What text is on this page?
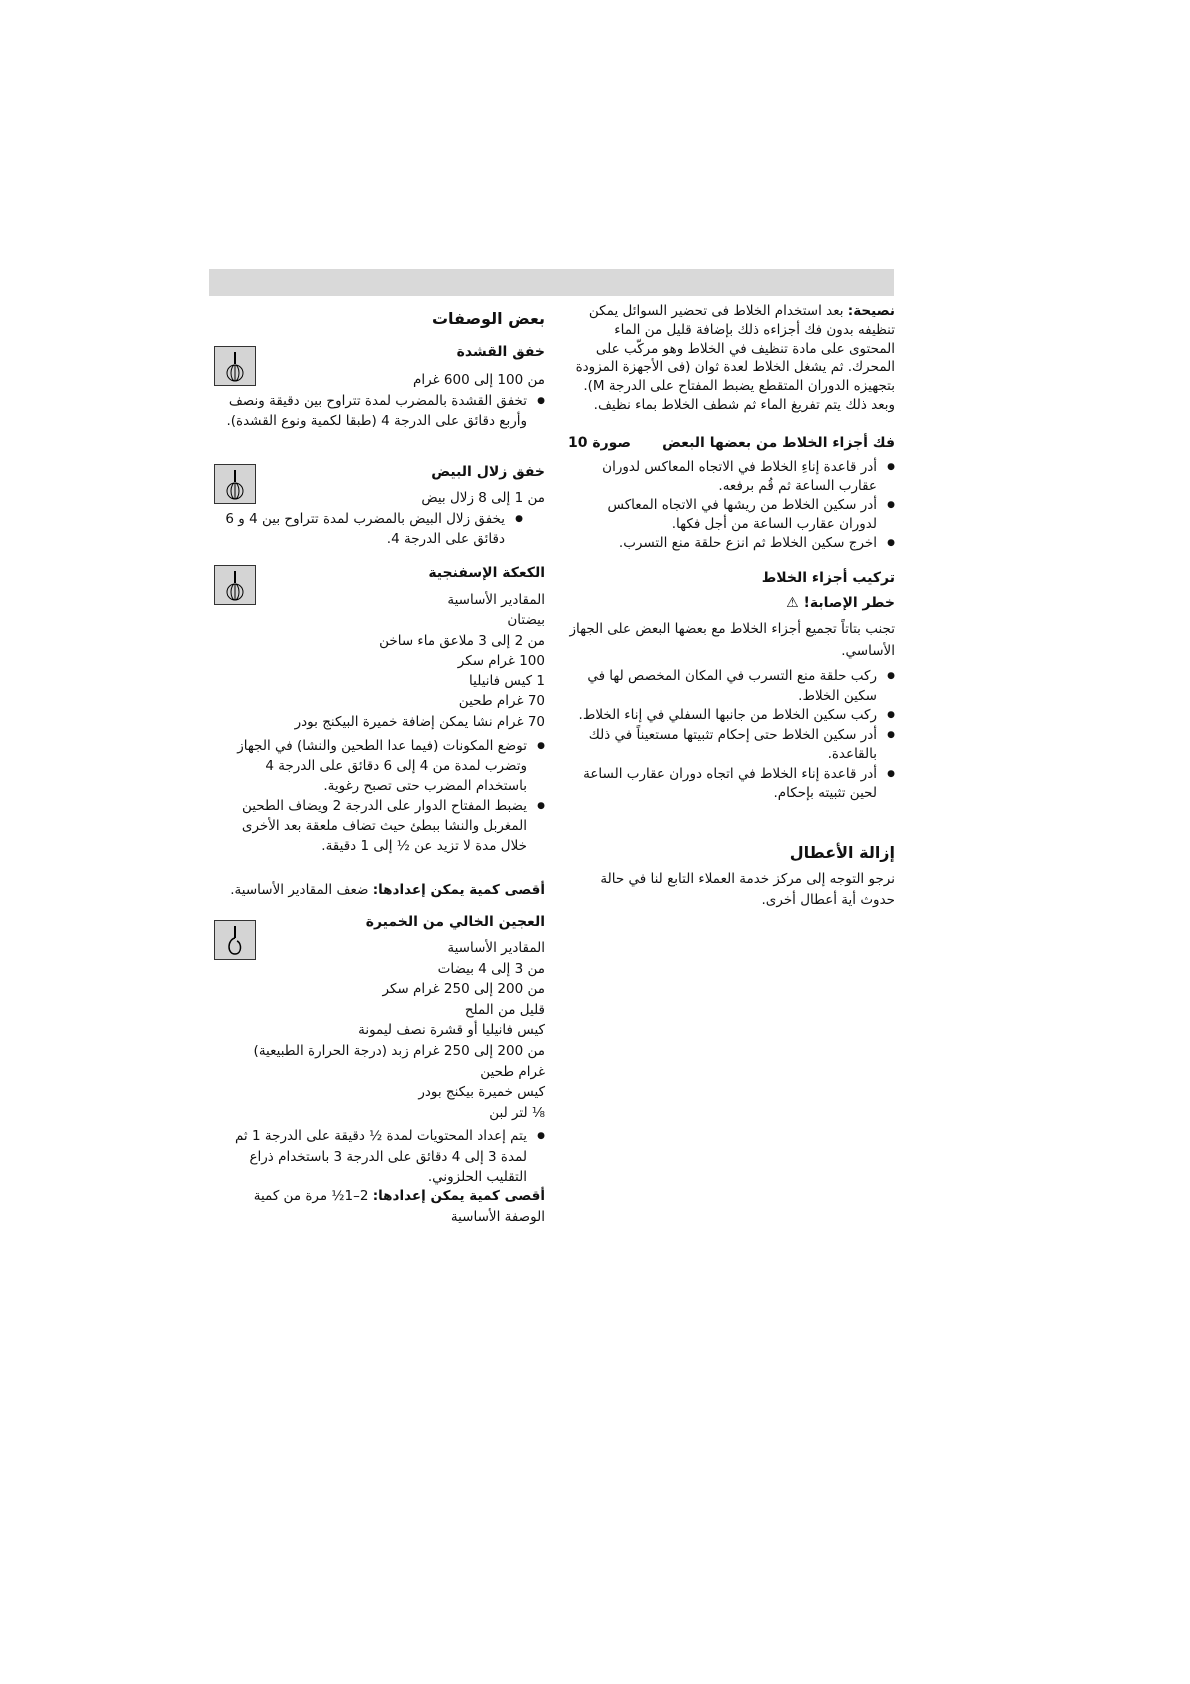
نصيحة: بعد استخدام الخلاط فى تحضير السوائل يمكن تنظيفه بدون فك أجزاءه ذلك بإضافة قليل من الماء المحتوى على مادة تنظيف في الخلاط وهو مركّب على المحرك. ثم يشغل الخلاط لعدة ثوان (فى الأجهزة المزودة بتجهيزه الدوران المتقطع يضبط المفتاح على الدرجة M). وبعد ذلك يتم تفريغ الماء ثم شطف الخلاط بماء نظيف.
فك أجزاء الخلاط من بعضها البعض
صورة 10
● أدر قاعدة إناءِ الخلاط في الاتجاه المعاكس لدوران عقارب الساعة ثم قُم برفعه.
● أدر سكين الخلاط من ريشها في الاتجاه المعاكس لدوران عقارب الساعة من أجل فكها.
● اخرج سكين الخلاط ثم انزع حلقة منع التسرب.
تركيب أجزاء الخلاط
خطر الإصابة! ⚠
تجنب بتاتاً تجميع أجزاء الخلاط مع بعضها البعض على الجهاز الأساسي.
● ركب حلقة منع التسرب في المكان المخصص لها في سكين الخلاط.
● ركب سكين الخلاط من جانبها السفلي في إناء الخلاط.
● أدر سكين الخلاط حتى إحكام تثبيتها مستعيناً في ذلك بالقاعدة.
● أدر قاعدة إناء الخلاط في اتجاه دوران عقارب الساعة لحين تثبيته بإحكام.
إزالة الأعطال
نرجو التوجه إلى مركز خدمة العملاء التابع لنا في حالة حدوث أية أعطال أخرى.
بعض الوصفات
خفق القشدة
من 100 إلى 600 غرام
● تخفق القشدة بالمضرب لمدة تتراوح بين دقيقة ونصف وأربع دقائق على الدرجة 4 (طبقا لكمية ونوع القشدة).
خفق زلال البيض
من 1 إلى 8 زلال بيض
● يخفق زلال البيض بالمضرب لمدة تتراوح بين 4 و 6 دقائق على الدرجة 4.
الكعكة الإسفنجية
المقادير الأساسية
بيضتان
من 2 إلى 3 ملاعق ماء ساخن
100 غرام سكر
1 كيس فانيليا
70 غرام طحين
70 غرام نشا يمكن إضافة خميرة البيكنج بودر
● توضع المكونات (فيما عدا الطحين والنشا) في الجهاز وتضرب لمدة من 4 إلى 6 دقائق على الدرجة 4 باستخدام المضرب حتى تصبح رغوية.
● يضبط المفتاح الدوار على الدرجة 2 ويضاف الطحين المغربل والنشا ببطئ حيث تضاف ملعقة بعد الأخرى خلال مدة لا تزيد عن ½ إلى 1 دقيقة.
أقصى كمية يمكن إعدادها: ضعف المقادير الأساسية.
العجين الخالي من الخميرة
المقادير الأساسية
من 3 إلى 4 بيضات
من 200 إلى 250 غرام سكر
قليل من الملح
كيس فانيليا أو قشرة نصف ليمونة
من 200 إلى 250 غرام زبد (درجة الحرارة الطبيعية)
غرام طحين
كيس خميرة بيكنج بودر
⅛ لتر لبن
● يتم إعداد المحتويات لمدة ½ دقيقة على الدرجة 1 ثم لمدة 3 إلى 4 دقائق على الدرجة 3 باستخدام ذراع التقليب الحلزوني.
أقصى كمية يمكن إعدادها: 2–1½ مرة من كمية الوصفة الأساسية
